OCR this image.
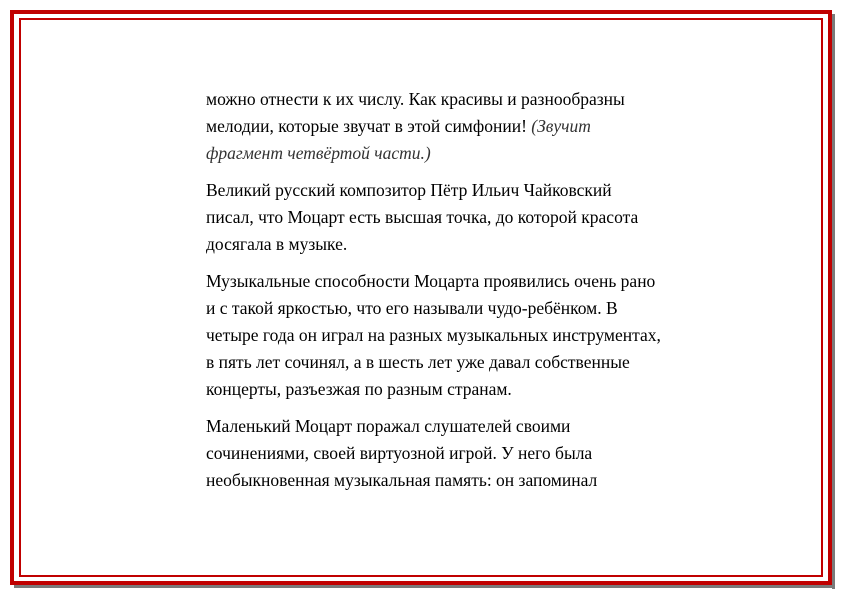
можно отнести к их числу. Как красивы и разнообразны
мелодии, которые звучат в этой симфонии! (Звучит
фрагмент четвёртой части.)

Великий русский композитор Пётр Ильич Чайковский
писал, что Моцарт есть высшая точка, до которой красота
досягала в музыке.

Музыкальные способности Моцарта проявились очень рано
и с такой яркостью, что его называли чудо-ребёнком. В
четыре года он играл на разных музыкальных инструментах,
в пять лет сочинял, а в шесть лет уже давал собственные
концерты, разъезжая по разным странам.

Маленький Моцарт поражал слушателей своими
сочинениями, своей виртуозной игрой. У него была
необыкновенная музыкальная память: он запоминал
